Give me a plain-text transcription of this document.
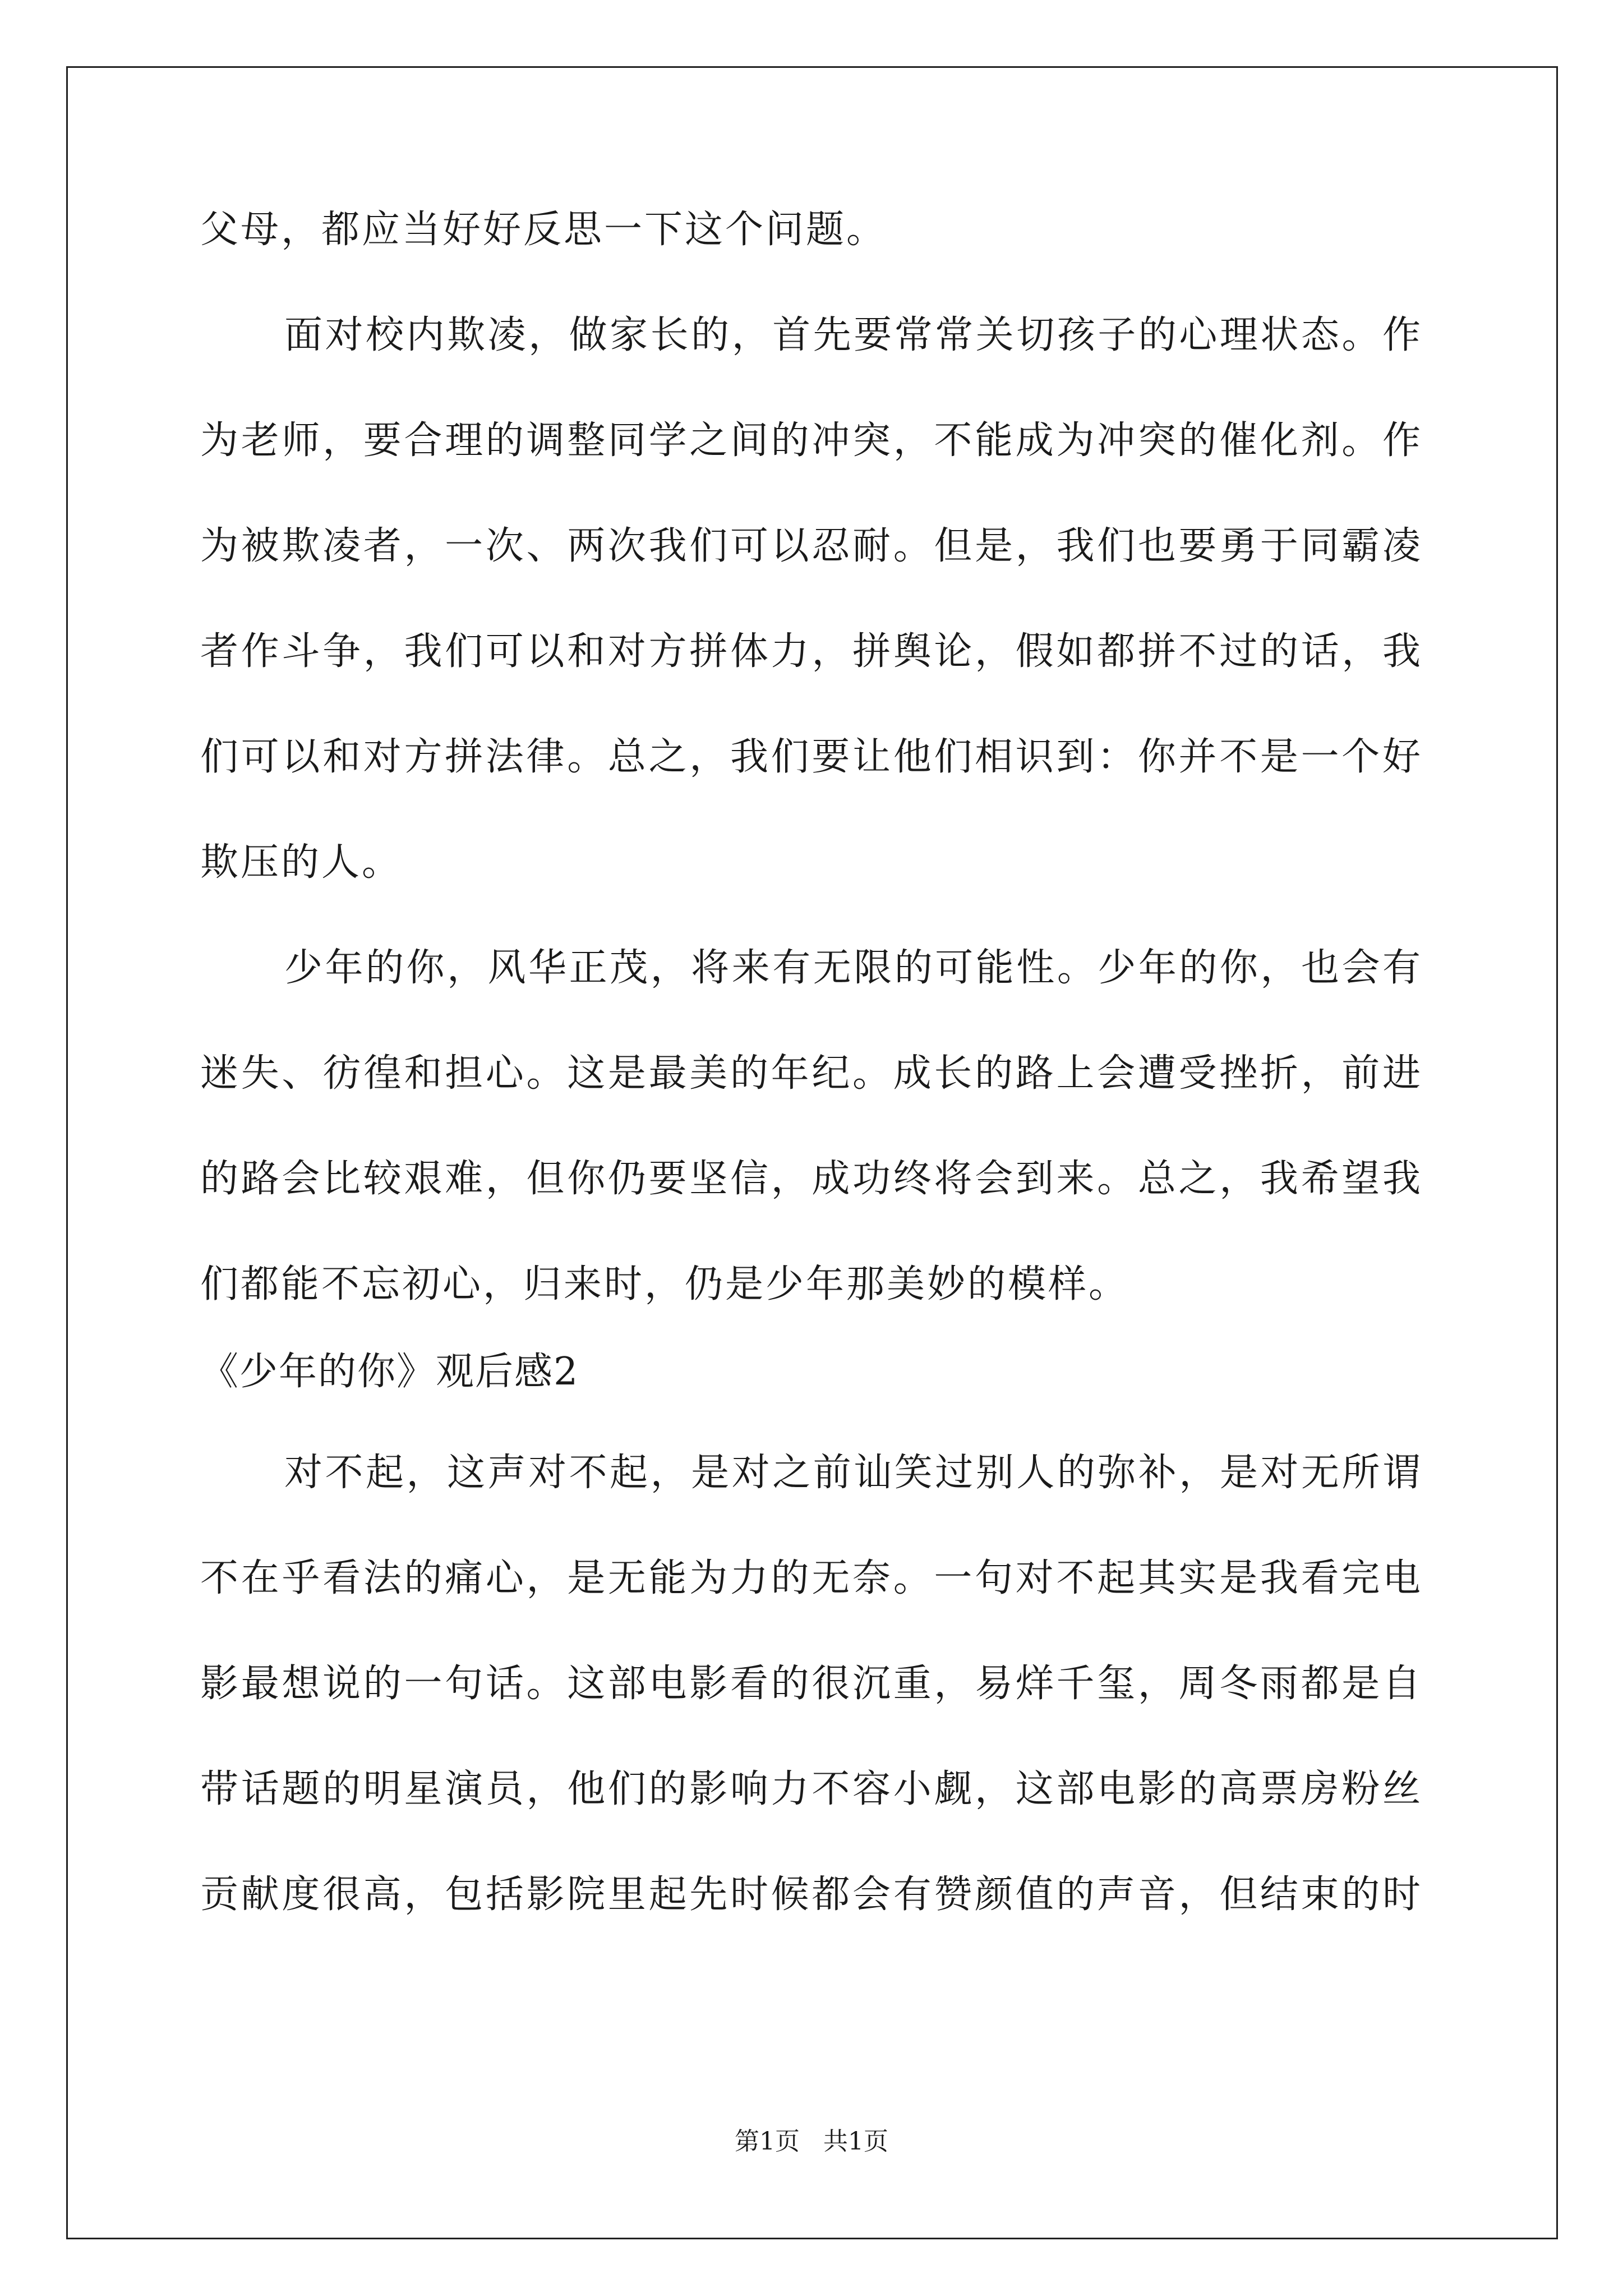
父母，都应当好好反思一下这个问题。
面对校内欺凌，做家长的，首先要常常关切孩子的心理状态。作
为老师，要合理的调整同学之间的冲突，不能成为冲突的催化剂。作
为被欺凌者，一次、两次我们可以忍耐。但是，我们也要勇于同霸凌
者作斗争，我们可以和对方拼体力，拼舆论，假如都拼不过的话，我
们可以和对方拼法律。总之，我们要让他们相识到：你并不是一个好
欺压的人。
少年的你，风华正茂，将来有无限的可能性。少年的你，也会有
迷失、彷徨和担心。这是最美的年纪。成长的路上会遭受挫折，前进
的路会比较艰难，但你仍要坚信，成功终将会到来。总之，我希望我
们都能不忘初心，归来时，仍是少年那美妙的模样。
《少年的你》观后感2
对不起，这声对不起，是对之前讪笑过别人的弥补，是对无所谓
不在乎看法的痛心，是无能为力的无奈。一句对不起其实是我看完电
影最想说的一句话。这部电影看的很沉重，易烊千玺，周冬雨都是自
带话题的明星演员，他们的影响力不容小觑，这部电影的高票房粉丝
贡献度很高，包括影院里起先时候都会有赞颜值的声音，但结束的时
第1页   共1页
